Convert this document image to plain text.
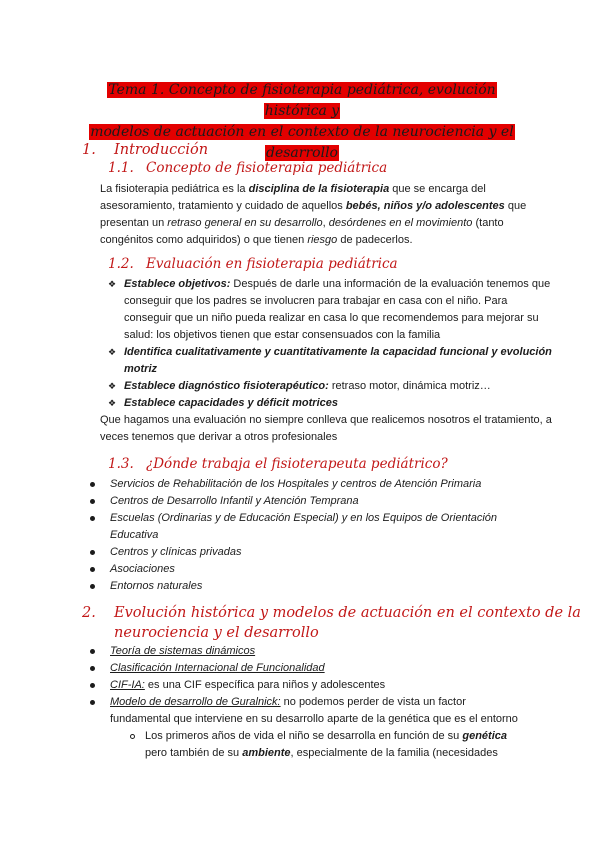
Tema 1. Concepto de fisioterapia pediátrica, evolución histórica y
modelos de actuación en el contexto de la neurociencia y el desarrollo
1. Introducción
1.1. Concepto de fisioterapia pediátrica
La fisioterapia pediátrica es la disciplina de la fisioterapia que se encarga del asesoramiento, tratamiento y cuidado de aquellos bebés, niños y/o adolescentes que presentan un retraso general en su desarrollo, desórdenes en el movimiento (tanto congénitos como adquiridos) o que tienen riesgo de padecerlos.
1.2. Evaluación en fisioterapia pediátrica
❖ Establece objetivos: Después de darle una información de la evaluación tenemos que
conseguir que los padres se involucren para trabajar en casa con el niño. Para
conseguir que un niño pueda realizar en casa lo que recomendemos para mejorar su
salud: los objetivos tienen que estar consensuados con la familia
❖ Identifica cualitativamente y cuantitativamente la capacidad funcional y evolución
motriz
❖ Establece diagnóstico fisioterapéutico: retraso motor, dinámica motriz…
❖ Establece capacidades y déficit motrices
Que hagamos una evaluación no siempre conlleva que realicemos nosotros el tratamiento, a
veces tenemos que derivar a otros profesionales
1.3. ¿Dónde trabaja el fisioterapeuta pediátrico?
Servicios de Rehabilitación de los Hospitales y centros de Atención Primaria
Centros de Desarrollo Infantil y Atención Temprana
Escuelas (Ordinarias y de Educación Especial) y en los Equipos de Orientación
Educativa
Centros y clínicas privadas
Asociaciones
Entornos naturales
2. Evolución histórica y modelos de actuación en el contexto de la
neurociencia y el desarrollo
Teoría de sistemas dinámicos
Clasificación Internacional de Funcionalidad
CIF-IA: es una CIF específica para niños y adolescentes
Modelo de desarrollo de Guralnick: no podemos perder de vista un factor
fundamental que interviene en su desarrollo aparte de la genética que es el entorno
Los primeros años de vida el niño se desarrolla en función de su genética
pero también de su ambiente, especialmente de la familia (necesidades
